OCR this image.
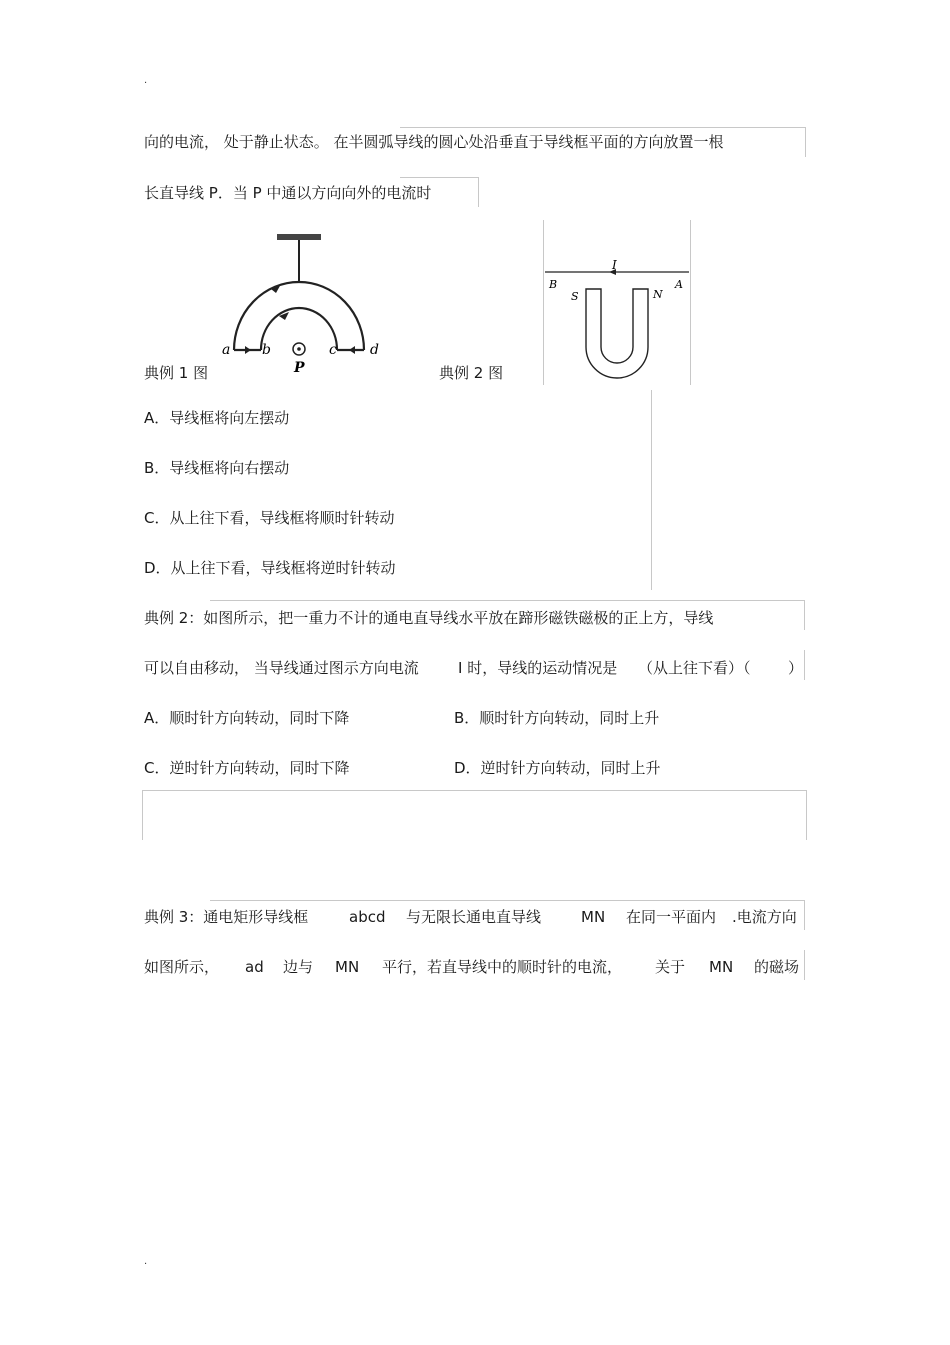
.
.
向的电流， 处于静止状态。 在半圆弧导线的圆心处沿垂直于导线框平面的方向放置一根
长直导线 P．当 P 中通以方向向外的电流时
a b	c d
P
I
B
S	N
A
典例 1 图	典例 2 图
A．导线框将向左摆动
B．导线框将向右摆动
C．从上往下看，导线框将顺时针转动
D．从上往下看，导线框将逆时针转动
典例 2：如图所示，把一重力不计的通电直导线水平放在蹄形磁铁磁极的正上方，导线
可以自由移动， 当导线通过图示方向电流	I 时，导线的运动情况是 （从上往下看）（ ）
A．顺时针方向转动，同时下降	B．顺时针方向转动，同时上升
C．逆时针方向转动，同时下降	D．逆时针方向转动，同时上升
典例 3：通电矩形导线框	abcd 与无限长通电直导线	MN 在同一平面内 .电流方向
如图所示， ad 边与 MN 平行，若直导线中的顺时针的电流， 关于 MN 的磁场
